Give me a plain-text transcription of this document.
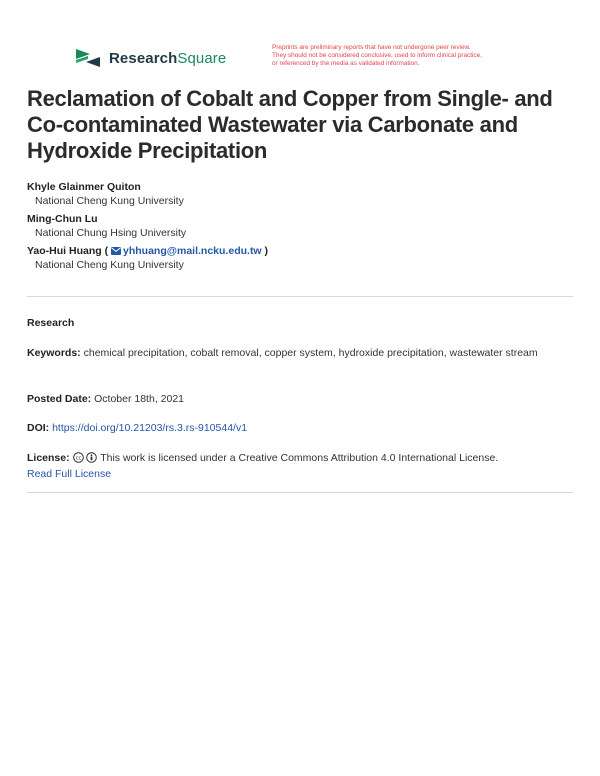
ResearchSquare
Preprints are preliminary reports that have not undergone peer review.
They should not be considered conclusive, used to inform clinical practice,
or referenced by the media as validated information.
Reclamation of Cobalt and Copper from Single- and Co-contaminated Wastewater via Carbonate and Hydroxide Precipitation
Khyle Glainmer Quiton
National Cheng Kung University
Ming-Chun Lu
National Chung Hsing University
Yao-Hui Huang ( yhhuang@mail.ncku.edu.tw )
National Cheng Kung University
Research
Keywords: chemical precipitation, cobalt removal, copper system, hydroxide precipitation, wastewater stream
Posted Date: October 18th, 2021
DOI: https://doi.org/10.21203/rs.3.rs-910544/v1
License: cc This work is licensed under a Creative Commons Attribution 4.0 International License.
Read Full License
